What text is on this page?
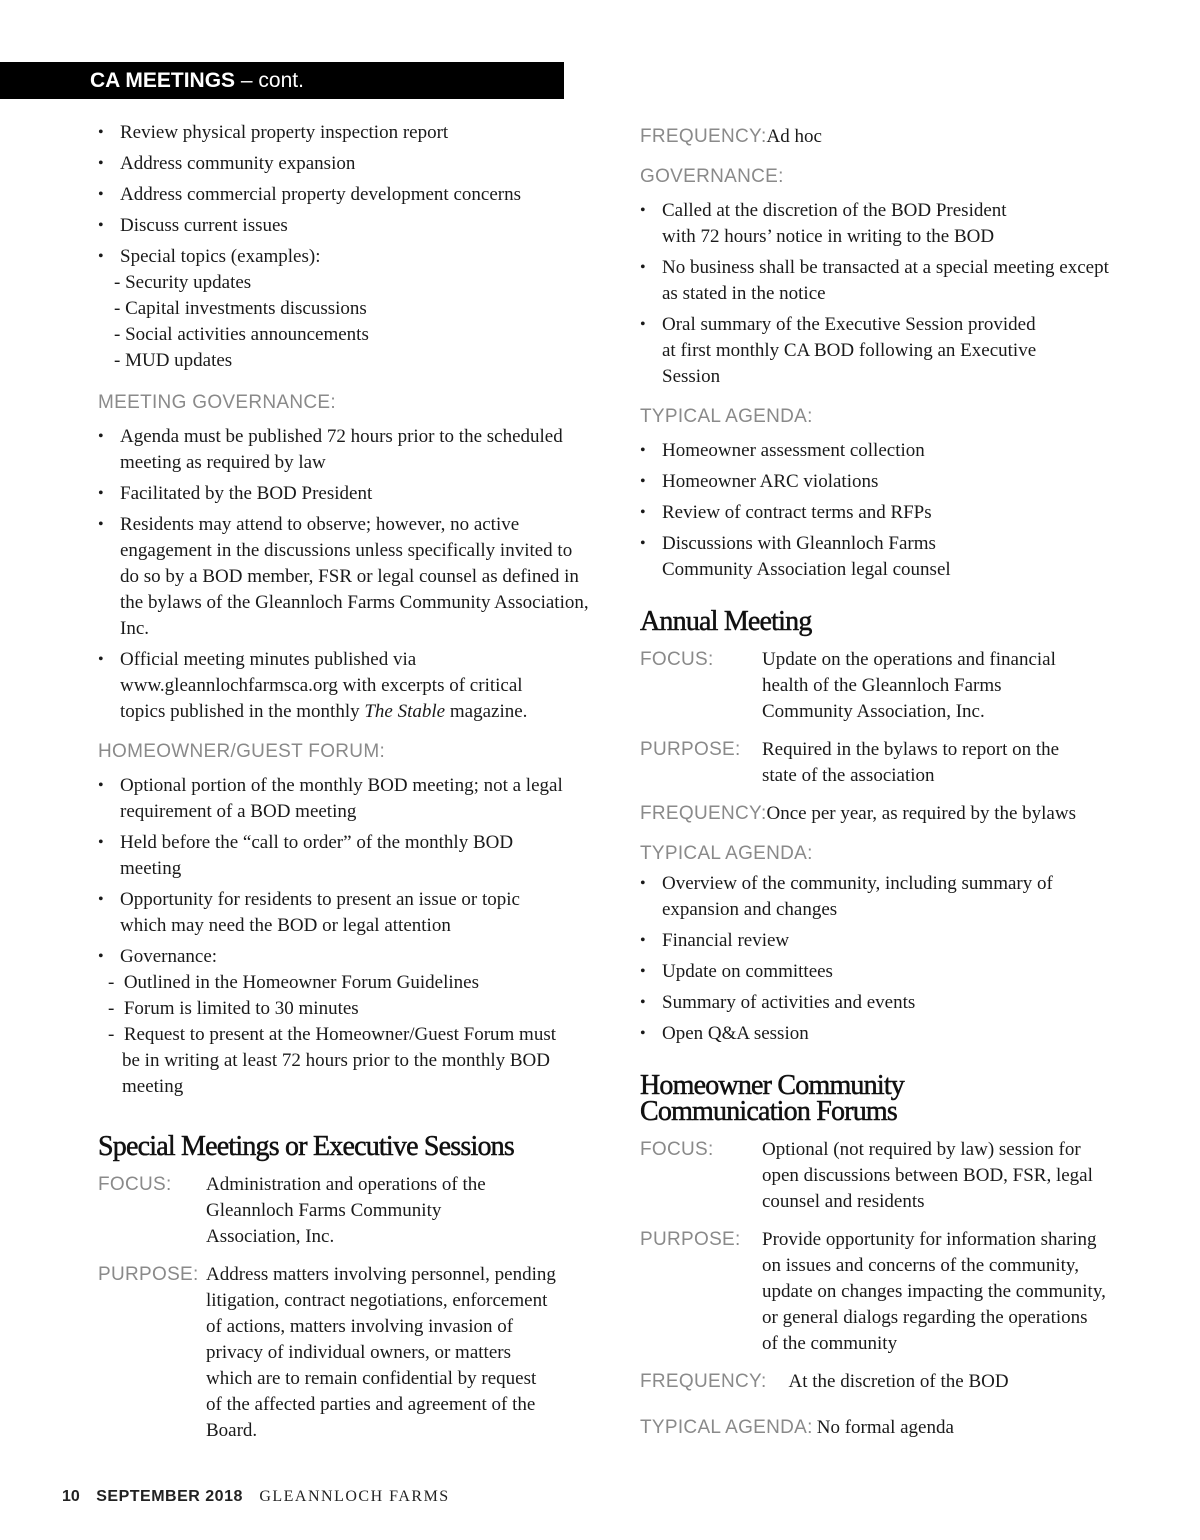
CA MEETINGS – cont.
• Review physical property inspection report
• Address community expansion
• Address commercial property development concerns
• Discuss current issues
• Special topics (examples):
- Security updates
- Capital investments discussions
- Social activities announcements
- MUD updates
MEETING GOVERNANCE:
• Agenda must be published 72 hours prior to the scheduled meeting as required by law
• Facilitated by the BOD President
• Residents may attend to observe; however, no active engagement in the discussions unless specifically invited to do so by a BOD member, FSR or legal counsel as defined in the bylaws of the Gleannloch Farms Community Association, Inc.
• Official meeting minutes published via www.gleannlochfarmsca.org with excerpts of critical topics published in the monthly The Stable magazine.
HOMEOWNER/GUEST FORUM:
• Optional portion of the monthly BOD meeting; not a legal requirement of a BOD meeting
• Held before the “call to order” of the monthly BOD meeting
• Opportunity for residents to present an issue or topic which may need the BOD or legal attention
• Governance:
-  Outlined in the Homeowner Forum Guidelines
-  Forum is limited to 30 minutes
-  Request to present at the Homeowner/Guest Forum must be in writing at least 72 hours prior to the monthly BOD meeting
Special Meetings or Executive Sessions
FOCUS:	Administration and operations of the Gleannloch Farms Community Association, Inc.
PURPOSE: Address matters involving personnel, pending litigation, contract negotiations, enforcement of actions, matters involving invasion of privacy of individual owners, or matters which are to remain confidential by request of the affected parties and agreement of the Board.
FREQUENCY:Ad hoc
GOVERNANCE:
• Called at the discretion of the BOD President with 72 hours’ notice in writing to the BOD
• No business shall be transacted at a special meeting except as stated in the notice
• Oral summary of the Executive Session provided at first monthly CA BOD following an Executive Session
TYPICAL AGENDA:
• Homeowner assessment collection
• Homeowner ARC violations
• Review of contract terms and RFPs
• Discussions with Gleannloch Farms Community Association legal counsel
Annual Meeting
FOCUS:	Update on the operations and financial health of the Gleannloch Farms Community Association, Inc.
PURPOSE:	Required in the bylaws to report on the state of the association
FREQUENCY:Once per year, as required by the bylaws
TYPICAL AGENDA:
• Overview of the community, including summary of expansion and changes
• Financial review
• Update on committees
• Summary of activities and events
• Open Q&A session
Homeowner Community
Communication Forums
FOCUS:	Optional (not required by law) session for open discussions between BOD, FSR, legal counsel and residents
PURPOSE:	Provide opportunity for information sharing on issues and concerns of the community, update on changes impacting the community, or general dialogs regarding the operations of the community
FREQUENCY: At the discretion of the BOD
TYPICAL AGENDA: No formal agenda
10 SEPTEMBER 2018 GLEANNLOCH FARMS
